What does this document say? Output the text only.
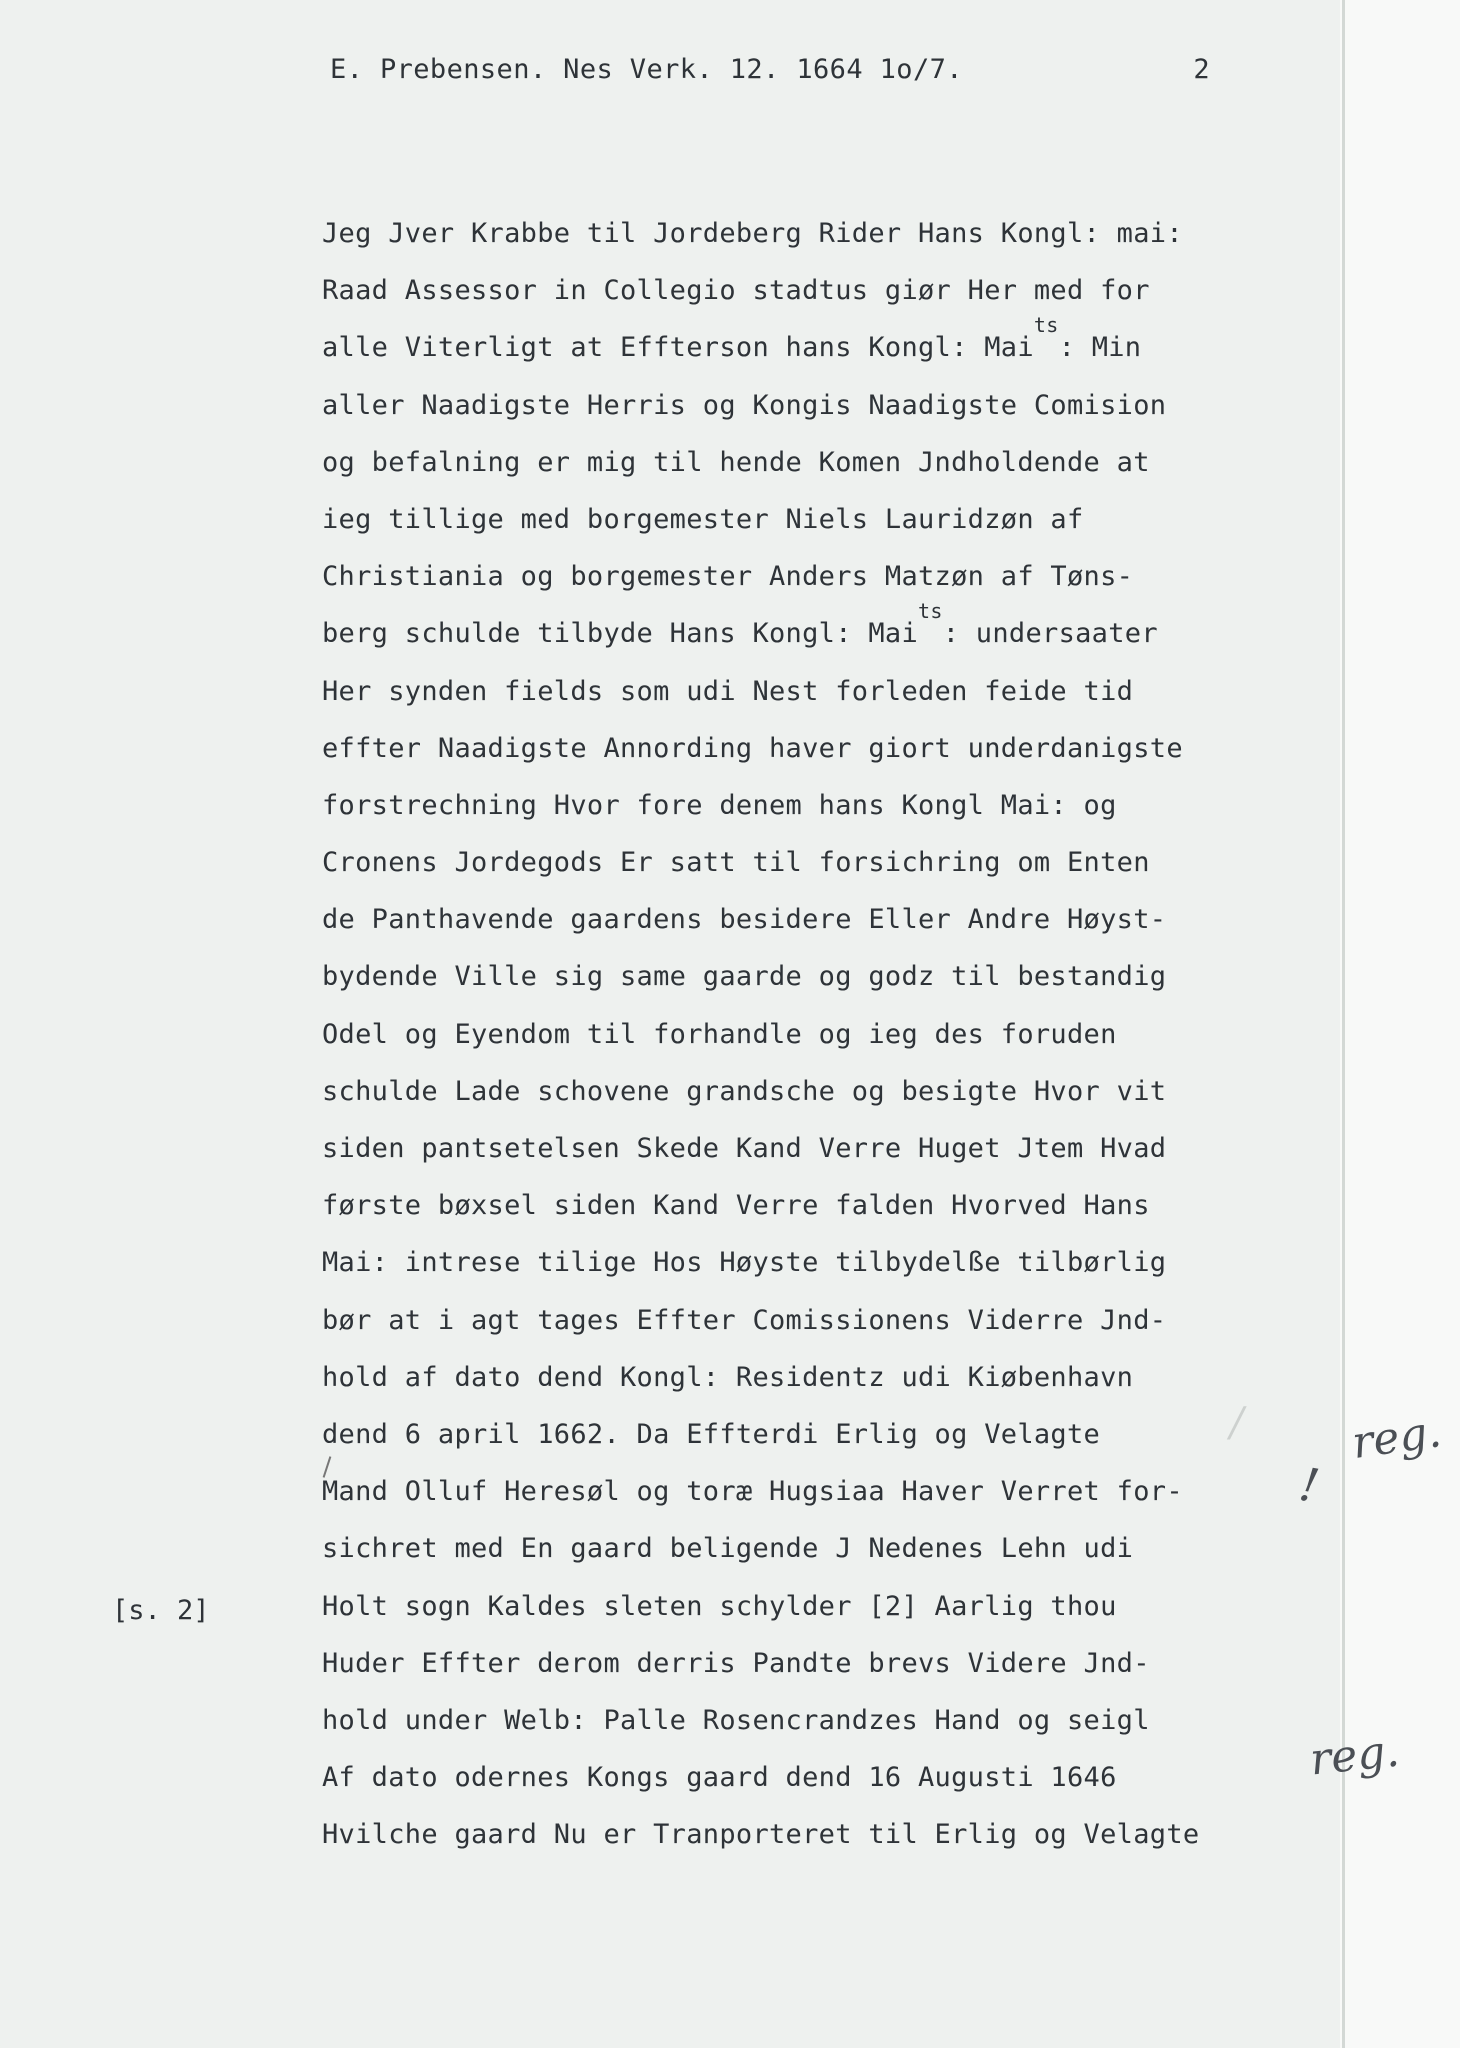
E. Prebensen. Nes Verk. 12. 1664 1o/7.	2
Jeg Jver Krabbe til Jordeberg Rider Hans Kongl: mai:
Raad Assessor in Collegio stadtus giør Her med for
alle Viterligt at Effterson hans Kongl: Mai$^{ts}$: Min
aller Naadigste Herris og Kongis Naadigste Comision
og befalning er mig til hende Komen Jndholdende at
ieg tillige med borgemester Niels Lauridzøn af
Christiania og borgemester Anders Matzøn af Tøns-
berg schulde tilbyde Hans Kongl: Mai$^{ts}$: undersaater
Her synden fields som udi Nest forleden feide tid
effter Naadigste Annording haver giort underdanigste
forstrechning Hvor fore denem hans Kongl Mai: og
Cronens Jordegods Er satt til forsichring om Enten
de Panthavende gaardens besidere Eller Andre Høyst-
bydende Ville sig same gaarde og godz til bestandig
Odel og Eyendom til forhandle og ieg des foruden
schulde Lade schovene grandsche og besigte Hvor vit
siden pantsetelsen Skede Kand Verre Huget Jtem Hvad
første bøxsel siden Kand Verre falden Hvorved Hans
Mai: intrese tilige Hos Høyste tilbydelße tilbørlig
bør at i agt tages Effter Comissionens Viderre Jnd-
hold af dato dend Kongl: Residentz udi Kiøbenhavn
dend 6 april 1662. Da Effterdi Erlig og Velagte
Mand Olluf Heresøl og toræ Hugsiaa Haver Verret for-
sichret med En gaard beligende J Nedenes Lehn udi
Holt sogn Kaldes sleten schylder [2] Aarlig thou
Huder Effter derom derris Pandte brevs Videre Jnd-
hold under Welb: Palle Rosencrandzes Hand og seigl
Af dato odernes Kongs gaard dend 16 Augusti 1646
Hvilche gaard Nu er Tranporteret til Erlig og Velagte
[s. 2]
/
!
reg.
reg.
